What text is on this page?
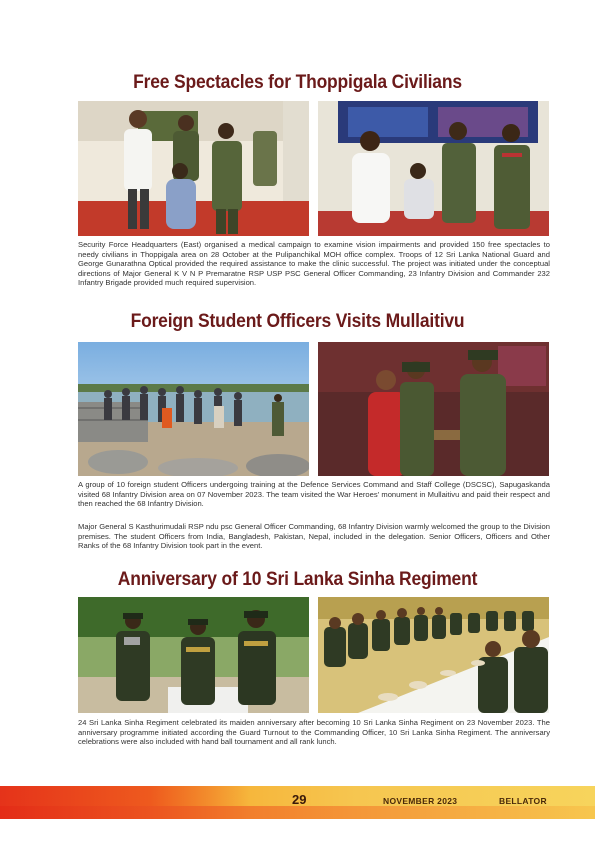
Free Spectacles for Thoppigala Civilians
Security Force Headquarters (East) organised a medical campaign to examine vision impairments and provided 150 free spectacles to needy civilians in Thoppigala area on 28 October at the Pulipanchikal MOH office complex. Troops of 12 Sri Lanka National Guard and George Gunarathna Optical provided the required assistance to make the clinic successful. The project was initiated under the conceptual directions of Major General K V N P Premaratne RSP USP PSC General Officer Commanding, 23 Infantry Division and Commander 232 Infantry Brigade provided much required supervision.
Foreign Student Officers Visits Mullaitivu
A group of 10 foreign student Officers undergoing training at the Defence Services Command and Staff College (DSCSC), Sapugaskanda visited 68 Infantry Division area on 07 November 2023. The team visited the War Heroes' monument in Mullaitivu and paid their respect and then reached the 68 Infantry Division.
Major General S Kasthurimudali RSP ndu psc General Officer Commanding, 68 Infantry Division warmly welcomed the group to the Division premises. The student Officers from India, Bangladesh, Pakistan, Nepal, included in the delegation. Senior Officers, Officers and Other Ranks of the 68 Infantry Division took part in the event.
Anniversary of 10 Sri Lanka Sinha Regiment
24 Sri Lanka Sinha Regiment celebrated its maiden anniversary after becoming 10 Sri Lanka Sinha Regiment on 23 November 2023. The anniversary programme initiated according the Guard Turnout to the Commanding Officer, 10 Sri Lanka Sinha Regiment. The anniversary celebrations were also included with hand ball tournament and all rank lunch.
29	NOVEMBER 2023	BELLATOR
